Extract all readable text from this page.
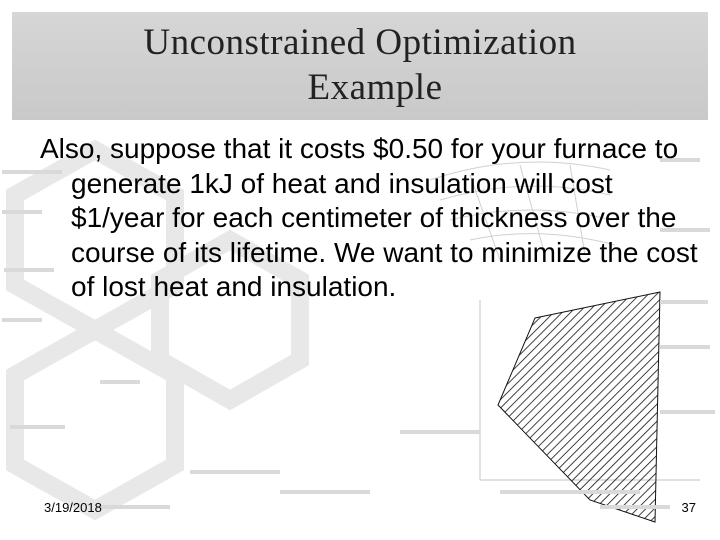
Unconstrained Optimization
Example
Also, suppose that it costs $0.50 for your furnace to generate 1kJ of heat and insulation will cost $1/year for each centimeter of thickness over the course of its lifetime. We want to minimize the cost of lost heat and insulation.
3/19/2018	37
